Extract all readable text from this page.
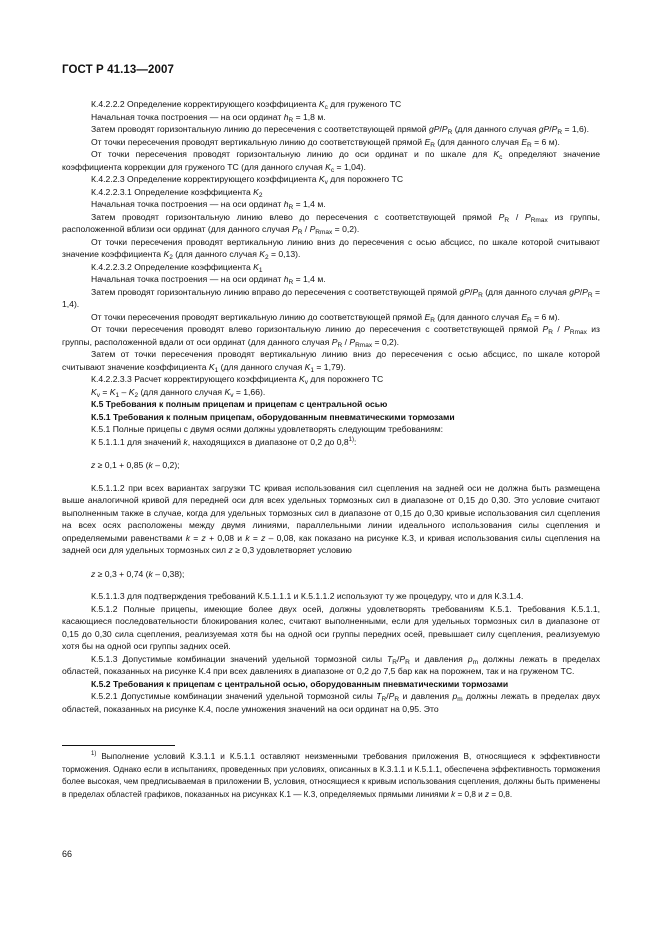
ГОСТ Р 41.13—2007

К.4.2.2.2 Определение корректирующего коэффициента $K_c$ для груженого ТС

Начальная точка построения — на оси ординат $h_R = 1,8$ м.

Затем проводят горизонтальную линию до пересечения с соответствующей прямой $gP/P_R$ (для данного случая $gP/P_R = 1,6$).

От точки пересечения проводят вертикальную линию до соответствующей прямой $E_R$ (для данного случая $E_R = 6$ м).

От точки пересечения проводят горизонтальную линию до оси ординат и по шкале для $K_c$ определяют значение коэффициента коррекции для груженого ТС (для данного случая $K_c = 1,04$).

К.4.2.2.3 Определение корректирующего коэффициента $K_v$ для порожнего ТС

К.4.2.2.3.1 Определение коэффициента $K_2$

Начальная точка построения — на оси ординат $h_R = 1,4$ м.

Затем проводят горизонтальную линию влево до пересечения с соответствующей прямой $P_R / P_{Rmax}$ из группы, расположенной вблизи оси ординат (для данного случая $P_R / P_{Rmax} = 0,2$).

От точки пересечения проводят вертикальную линию вниз до пересечения с осью абсцисс, по шкале которой считывают значение коэффициента $K_2$ (для данного случая $K_2 = 0,13$).

К.4.2.2.3.2 Определение коэффициента $K_1$

Начальная точка построения — на оси ординат $h_R = 1,4$ м.

Затем проводят горизонтальную линию вправо до пересечения с соответствующей прямой $gP/P_R$ (для данного случая $gP/P_R = 1,4$).

От точки пересечения проводят вертикальную линию до соответствующей прямой $E_R$ (для данного случая $E_R = 6$ м).

От точки пересечения проводят влево горизонтальную линию до пересечения с соответствующей прямой $P_R / P_{Rmax}$ из группы, расположенной вдали от оси ординат (для данного случая $P_R / P_{Rmax} = 0,2$).

Затем от точки пересечения проводят вертикальную линию вниз до пересечения с осью абсцисс, по шкале которой считывают значение коэффициента $K_1$ (для данного случая $K_1 = 1,79$).

К.4.2.2.3.3 Расчет корректирующего коэффициента $K_v$ для порожнего ТС

$K_v = K_1 - K_2$ (для данного случая $K_v = 1,66$).

К.5 Требования к полным прицепам и прицепам с центральной осью

К.5.1 Требования к полным прицепам, оборудованным пневматическими тормозами

К.5.1 Полные прицепы с двумя осями должны удовлетворять следующим требованиям:

К 5.1.1.1 для значений k, находящихся в диапазоне от 0,2 до 0,8$^{1)}$:

z ≥ 0,1 + 0,85 (k – 0,2);

К.5.1.1.2 при всех вариантах загрузки ТС кривая использования сил сцепления на задней оси не должна быть размещена выше аналогичной кривой для передней оси для всех удельных тормозных сил в диапазоне от 0,15 до 0,30. Это условие считают выполненным также в случае, когда для удельных тормозных сил в диапазоне от 0,15 до 0,30 кривые использования сил сцепления на всех осях расположены между двумя линиями, параллельными линии идеального использования силы сцепления и определяемыми равенствами k = z + 0,08 и k = z – 0,08, как показано на рисунке К.3, и кривая использования силы сцепления на задней оси для удельных тормозных сил z ≥ 0,3 удовлетворяет условию

z ≥ 0,3 + 0,74 (k – 0,38);

К.5.1.1.3 для подтверждения требований К.5.1.1.1 и К.5.1.1.2 используют ту же процедуру, что и для К.3.1.4.

К.5.1.2 Полные прицепы, имеющие более двух осей, должны удовлетворять требованиям К.5.1. Требования К.5.1.1, касающиеся последовательности блокирования колес, считают выполненными, если для удельных тормозных сил в диапазоне от 0,15 до 0,30 сила сцепления, реализуемая хотя бы на одной оси группы передних осей, превышает силу сцепления, реализуемую хотя бы на одной оси группы задних осей.

К.5.1.3 Допустимые комбинации значений удельной тормозной силы $T_R/P_R$ и давления $p_m$ должны лежать в пределах областей, показанных на рисунке К.4 при всех давлениях в диапазоне от 0,2 до 7,5 бар как на порожнем, так и на груженом ТС.

К.5.2 Требования к прицепам с центральной осью, оборудованным пневматическими тормозами

К.5.2.1 Допустимые комбинации значений удельной тормозной силы $T_R/P_R$ и давления $p_m$ должны лежать в пределах двух областей, показанных на рисунке К.4, после умножения значений на оси ординат на 0,95. Это

$^{1)}$ Выполнение условий К.3.1.1 и К.5.1.1 оставляют неизменными требования приложения В, относящиеся к эффективности торможения. Однако если в испытаниях, проведенных при условиях, описанных в К.3.1.1 и К.5.1.1, обеспечена эффективность торможения более высокая, чем предписываемая в приложении В, условия, относящиеся к кривым использования сцепления, должны быть применены в пределах областей графиков, показанных на рисунках К.1 — К.3, определяемых прямыми линиями k = 0,8 и z = 0,8.

66
